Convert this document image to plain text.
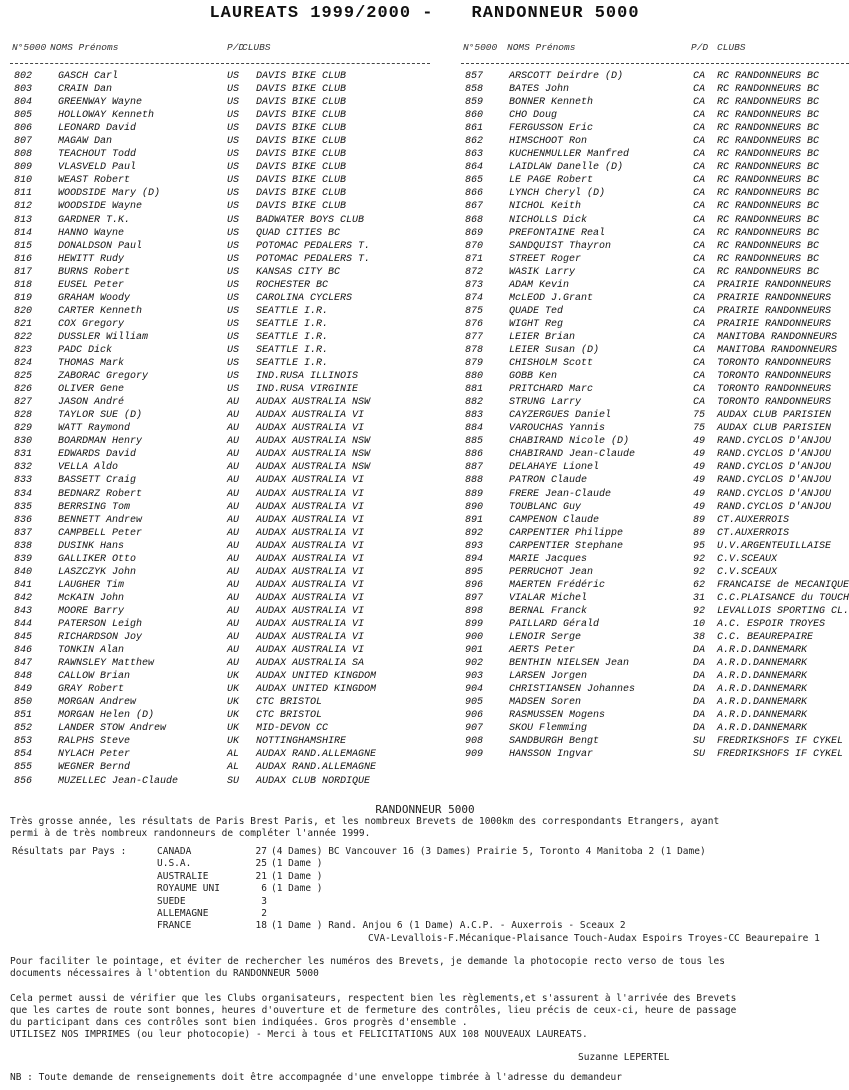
LAUREATS 1999/2000 - RANDONNEUR 5000
N°5000 NOMS Prénoms	P/D
CLUBS
802	GASCH Carl	US DAVIS BIKE CLUB
803	CRAIN Dan	US DAVIS BIKE CLUB
804	GREENWAY Wayne	US DAVIS BIKE CLUB
805	HOLLOWAY Kenneth	US DAVIS BIKE CLUB
806	LEONARD David	US DAVIS BIKE CLUB
807	MAGAW Dan	US DAVIS BIKE CLUB
808	TEACHOUT Todd	US DAVIS BIKE CLUB
809	VLASVELD Paul	US DAVIS BIKE CLUB
810	WEAST Robert	US DAVIS BIKE CLUB
811	WOODSIDE Mary (D)	US DAVIS BIKE CLUB
812	WOODSIDE Wayne	US DAVIS BIKE CLUB
813	GARDNER T.K.	US BADWATER BOYS CLUB
814	HANNO Wayne	US QUAD CITIES BC
815	DONALDSON Paul	US POTOMAC PEDALERS T.
816	HEWITT Rudy	US POTOMAC PEDALERS T.
817	BURNS Robert	US KANSAS CITY BC
818	EUSEL Peter	US ROCHESTER BC
819	GRAHAM Woody	US CAROLINA CYCLERS
820	CARTER Kenneth	US SEATTLE I.R.
821	COX Gregory	US SEATTLE I.R.
822	DUSSLER William	US SEATTLE I.R.
823	PADC Dick	US SEATTLE I.R.
824	THOMAS Mark	US SEATTLE I.R.
825	ZABORAC Gregory	US IND.RUSA ILLINOIS
826	OLIVER Gene	US IND.RUSA VIRGINIE
827	JASON André	AU AUDAX AUSTRALIA NSW
828	TAYLOR SUE (D)	AU AUDAX AUSTRALIA VI
829	WATT Raymond	AU AUDAX AUSTRALIA VI
830	BOARDMAN Henry	AU AUDAX AUSTRALIA NSW
831	EDWARDS David	AU AUDAX AUSTRALIA NSW
832	VELLA Aldo	AU AUDAX AUSTRALIA NSW
833	BASSETT Craig	AU AUDAX AUSTRALIA VI
834	BEDNARZ Robert	AU AUDAX AUSTRALIA VI
835	BERRSING Tom	AU AUDAX AUSTRALIA VI
836	BENNETT Andrew	AU AUDAX AUSTRALIA VI
837	CAMPBELL Peter	AU AUDAX AUSTRALIA VI
838	DUSINK Hans	AU AUDAX AUSTRALIA VI
839	GALLIKER Otto	AU AUDAX AUSTRALIA VI
840	LASZCZYK John	AU AUDAX AUSTRALIA VI
841	LAUGHER Tim	AU AUDAX AUSTRALIA VI
842	McKAIN John	AU AUDAX AUSTRALIA VI
843	MOORE Barry	AU AUDAX AUSTRALIA VI
844	PATERSON Leigh	AU AUDAX AUSTRALIA VI
845	RICHARDSON Joy	AU AUDAX AUSTRALIA VI
846	TONKIN Alan	AU AUDAX AUSTRALIA VI
847	RAWNSLEY Matthew	AU AUDAX AUSTRALIA SA
848	CALLOW Brian	UK AUDAX UNITED KINGDOM
849	GRAY Robert	UK AUDAX UNITED KINGDOM
850	MORGAN Andrew	UK CTC BRISTOL
851	MORGAN Helen (D)	UK CTC BRISTOL
852	LANDER STOW Andrew	UK MID-DEVON CC
853	RALPHS Steve	UK NOTTINGHAMSHIRE
854	NYLACH Peter	AL AUDAX RAND.ALLEMAGNE
855	WEGNER Bernd	AL AUDAX RAND.ALLEMAGNE
856	MUZELLEC Jean-Claude	SU AUDAX CLUB NORDIQUE
N°5000 NOMS Prénoms	P/D CLUBS
857	ARSCOTT Deirdre (D)	CA RC RANDONNEURS BC
858	BATES John	CA RC RANDONNEURS BC
859	BONNER Kenneth	CA RC RANDONNEURS BC
860	CHO Doug	CA RC RANDONNEURS BC
861	FERGUSSON Eric	CA RC RANDONNEURS BC
862	HIMSCHOOT Ron	CA RC RANDONNEURS BC
863	KUCHENMULLER Manfred	CA RC RANDONNEURS BC
864	LAIDLAW Danelle (D)	CA RC RANDONNEURS BC
865	LE PAGE Robert	CA RC RANDONNEURS BC
866	LYNCH Cheryl (D)	CA RC RANDONNEURS BC
867	NICHOL Keith	CA RC RANDONNEURS BC
868	NICHOLLS Dick	CA RC RANDONNEURS BC
869	PREFONTAINE Real	CA RC RANDONNEURS BC
870	SANDQUIST Thayron	CA RC RANDONNEURS BC
871	STREET Roger	CA RC RANDONNEURS BC
872	WASIK Larry	CA RC RANDONNEURS BC
873	ADAM Kevin	CA PRAIRIE RANDONNEURS
874	McLEOD J.Grant	CA PRAIRIE RANDONNEURS
875	QUADE Ted	CA PRAIRIE RANDONNEURS
876	WIGHT Reg	CA PRAIRIE RANDONNEURS
877	LEIER Brian	CA MANITOBA RANDONNEURS
878	LEIER Susan (D)	CA MANITOBA RANDONNEURS
879	CHISHOLM Scott	CA TORONTO RANDONNEURS
880	GOBB Ken	CA TORONTO RANDONNEURS
881	PRITCHARD Marc	CA TORONTO RANDONNEURS
882	STRUNG Larry	CA TORONTO RANDONNEURS
883	CAYZERGUES Daniel	75 AUDAX CLUB PARISIEN
884	VAROUCHAS Yannis	75 AUDAX CLUB PARISIEN
885	CHABIRAND Nicole (D)	49 RAND.CYCLOS D'ANJOU
886	CHABIRAND Jean-Claude	49 RAND.CYCLOS D'ANJOU
887	DELAHAYE Lionel	49 RAND.CYCLOS D'ANJOU
888	PATRON Claude	49 RAND.CYCLOS D'ANJOU
889	FRERE Jean-Claude	49 RAND.CYCLOS D'ANJOU
890	TOUBLANC Guy	49 RAND.CYCLOS D'ANJOU
891	CAMPENON Claude	89 CT.AUXERROIS
892	CARPENTIER Philippe	89 CT.AUXERROIS
893	CARPENTIER Stephane	95 U.V.ARGENTEUILLAISE
894	MARIE Jacques	92 C.V.SCEAUX
895	PERRUCHOT Jean	92 C.V.SCEAUX
896	MAERTEN Frédéric	62 FRANCAISE de MECANIQUE
897	VIALAR Michel	31 C.C.PLAISANCE du TOUCH
898	BERNAL Franck	92 LEVALLOIS SPORTING CL.
899	PAILLARD Gérald	10 A.C. ESPOIR TROYES
900	LENOIR Serge	38 C.C. BEAUREPAIRE
901	AERTS Peter	DA A.R.D.DANNEMARK
902	BENTHIN NIELSEN Jean	DA A.R.D.DANNEMARK
903	LARSEN Jorgen	DA A.R.D.DANNEMARK
904	CHRISTIANSEN Johannes	DA A.R.D.DANNEMARK
905	MADSEN Soren	DA A.R.D.DANNEMARK
906	RASMUSSEN Mogens	DA A.R.D.DANNEMARK
907	SKOU Flemming	DA A.R.D.DANNEMARK
908	SANDBURGH Bengt	SU FREDRIKSHOFS IF CYKEL
909	HANSSON Ingvar	SU FREDRIKSHOFS IF CYKEL
RANDONNEUR 5000

Très grosse année, les résultats de Paris Brest Paris, et les nombreux Brevets de 1000km des correspondants Etrangers, ayant

permi à de très nombreux randonneurs de compléter l'année 1999.

Résultats par Pays :	CANADA	27 (4 Dames) BC Vancouver 16 (3 Dames) Prairie 5, Toronto 4 Manitoba 2 (1 Dame)
U.S.A.	25 (1 Dame )
AUSTRALIE	21 (1 Dame )
ROYAUME UNI	6 (1 Dame )
SUEDE	3
ALLEMAGNE	2
FRANCE	18 (1 Dame ) Rand. Anjou 6 (1 Dame) A.C.P. - Auxerrois - Sceaux 2
CVA-Levallois-F.Mécanique-Plaisance Touch-Audax Espoirs Troyes-CC Beaurepaire 1
Pour faciliter le pointage, et éviter de rechercher les numéros des Brevets, je demande la photocopie recto verso de tous les
documents nécessaires à l'obtention du RANDONNEUR 5000
Cela permet aussi de vérifier que les Clubs organisateurs, respectent bien les règlements,et s'assurent à l'arrivée des Brevets
que les cartes de route sont bonnes, heures d'ouverture et de fermeture des contrôles, lieu précis de ceux-ci, heure de passage
du participant dans ces contrôles sont bien indiquées. Gros progrès d'ensemble .
UTILISEZ NOS IMPRIMES (ou leur photocopie) - Merci à tous et FELICITATIONS AUX 108 NOUVEAUX LAUREATS.
Suzanne LEPERTEL
NB : Toute demande de renseignements doit être accompagnée d'une enveloppe timbrée à l'adresse du demandeur
